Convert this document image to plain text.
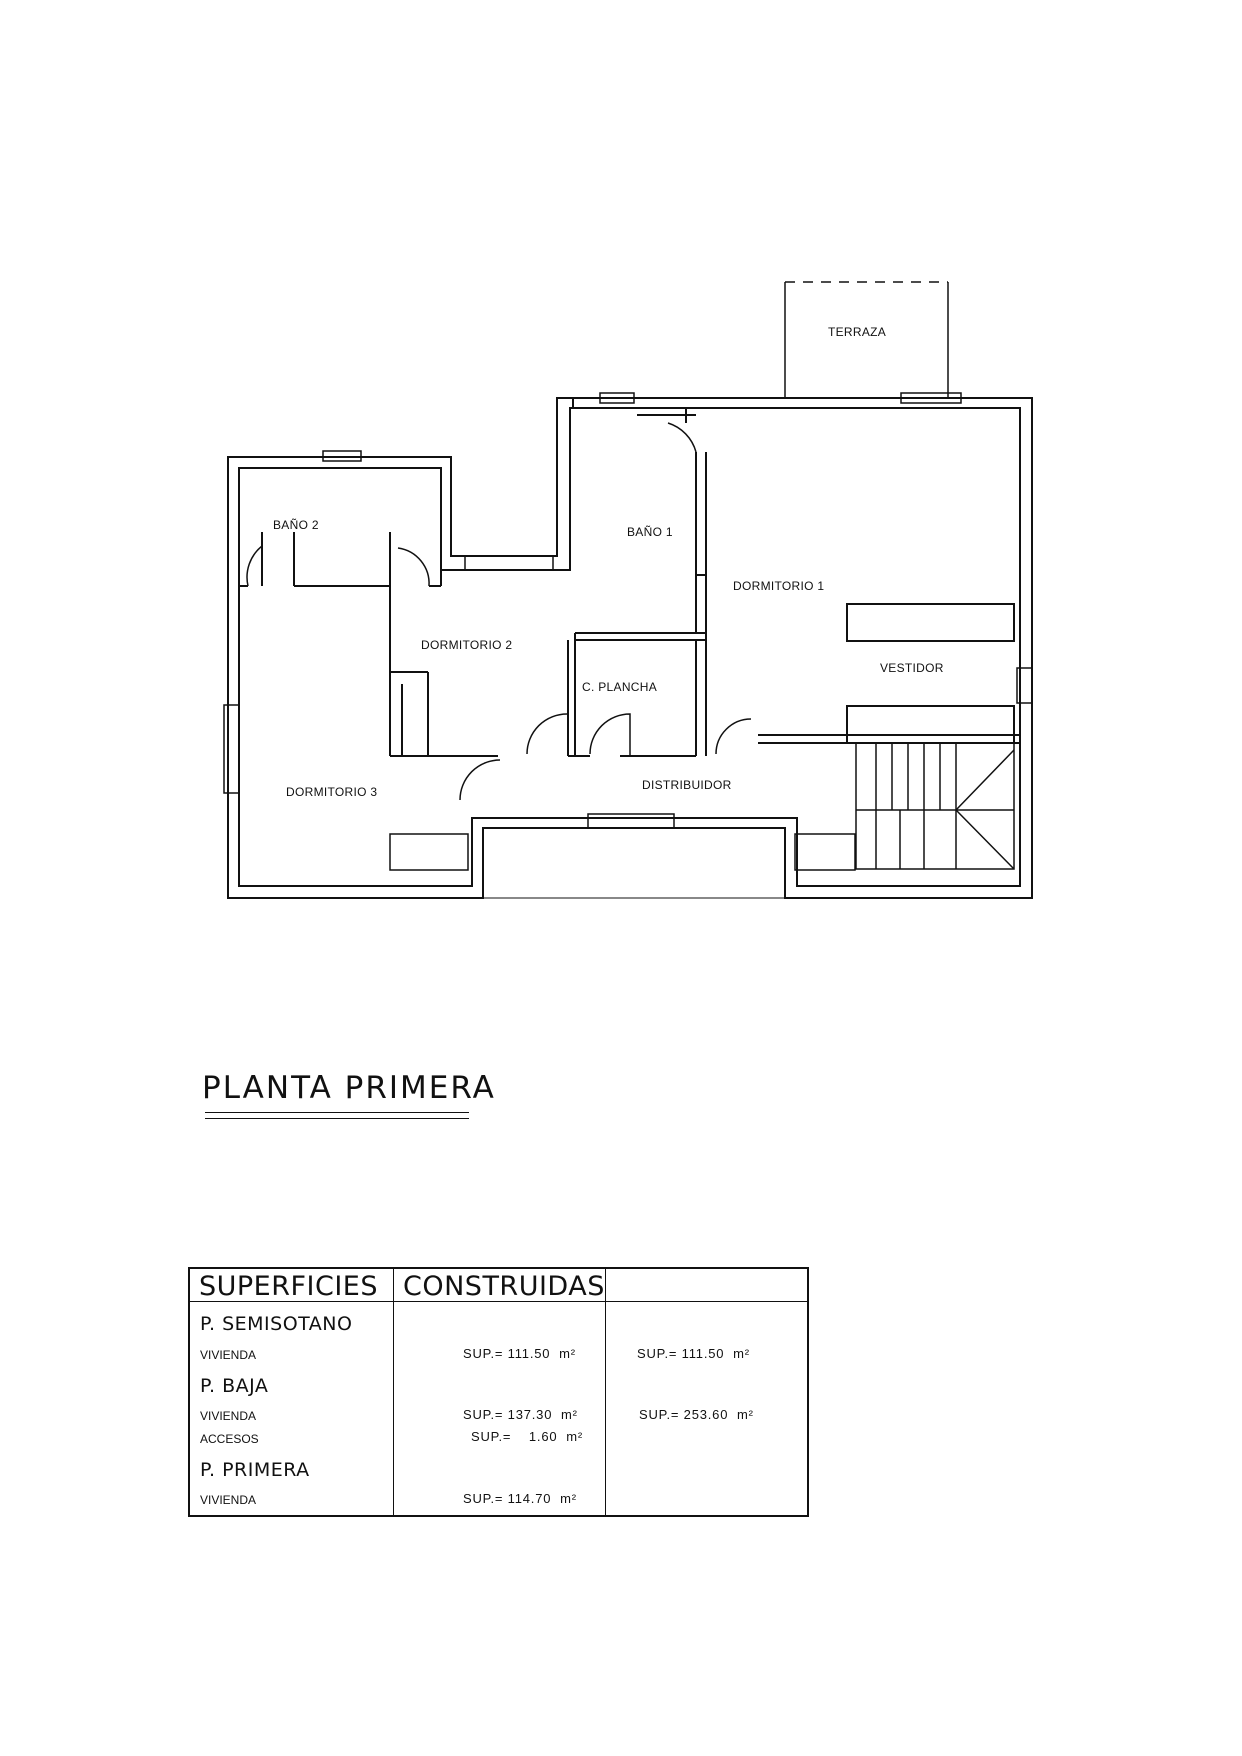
TERRAZA
BAÑO 2	BAÑO 1
DORMITORIO 1
DORMITORIO 2
VESTIDOR
C. PLANCHA
DISTRIBUIDOR
DORMITORIO 3
PLANTA PRIMERA
SUPERFICIES CONSTRUIDAS
P. SEMISOTANO
VIVIENDA	SUP.= 111.50  m²	SUP.= 111.50  m²
P. BAJA
VIVIENDA	SUP.= 137.30  m²	SUP.= 253.60  m²
ACCESOS	SUP.=    1.60  m²
P. PRIMERA
VIVIENDA	SUP.= 114.70  m²
